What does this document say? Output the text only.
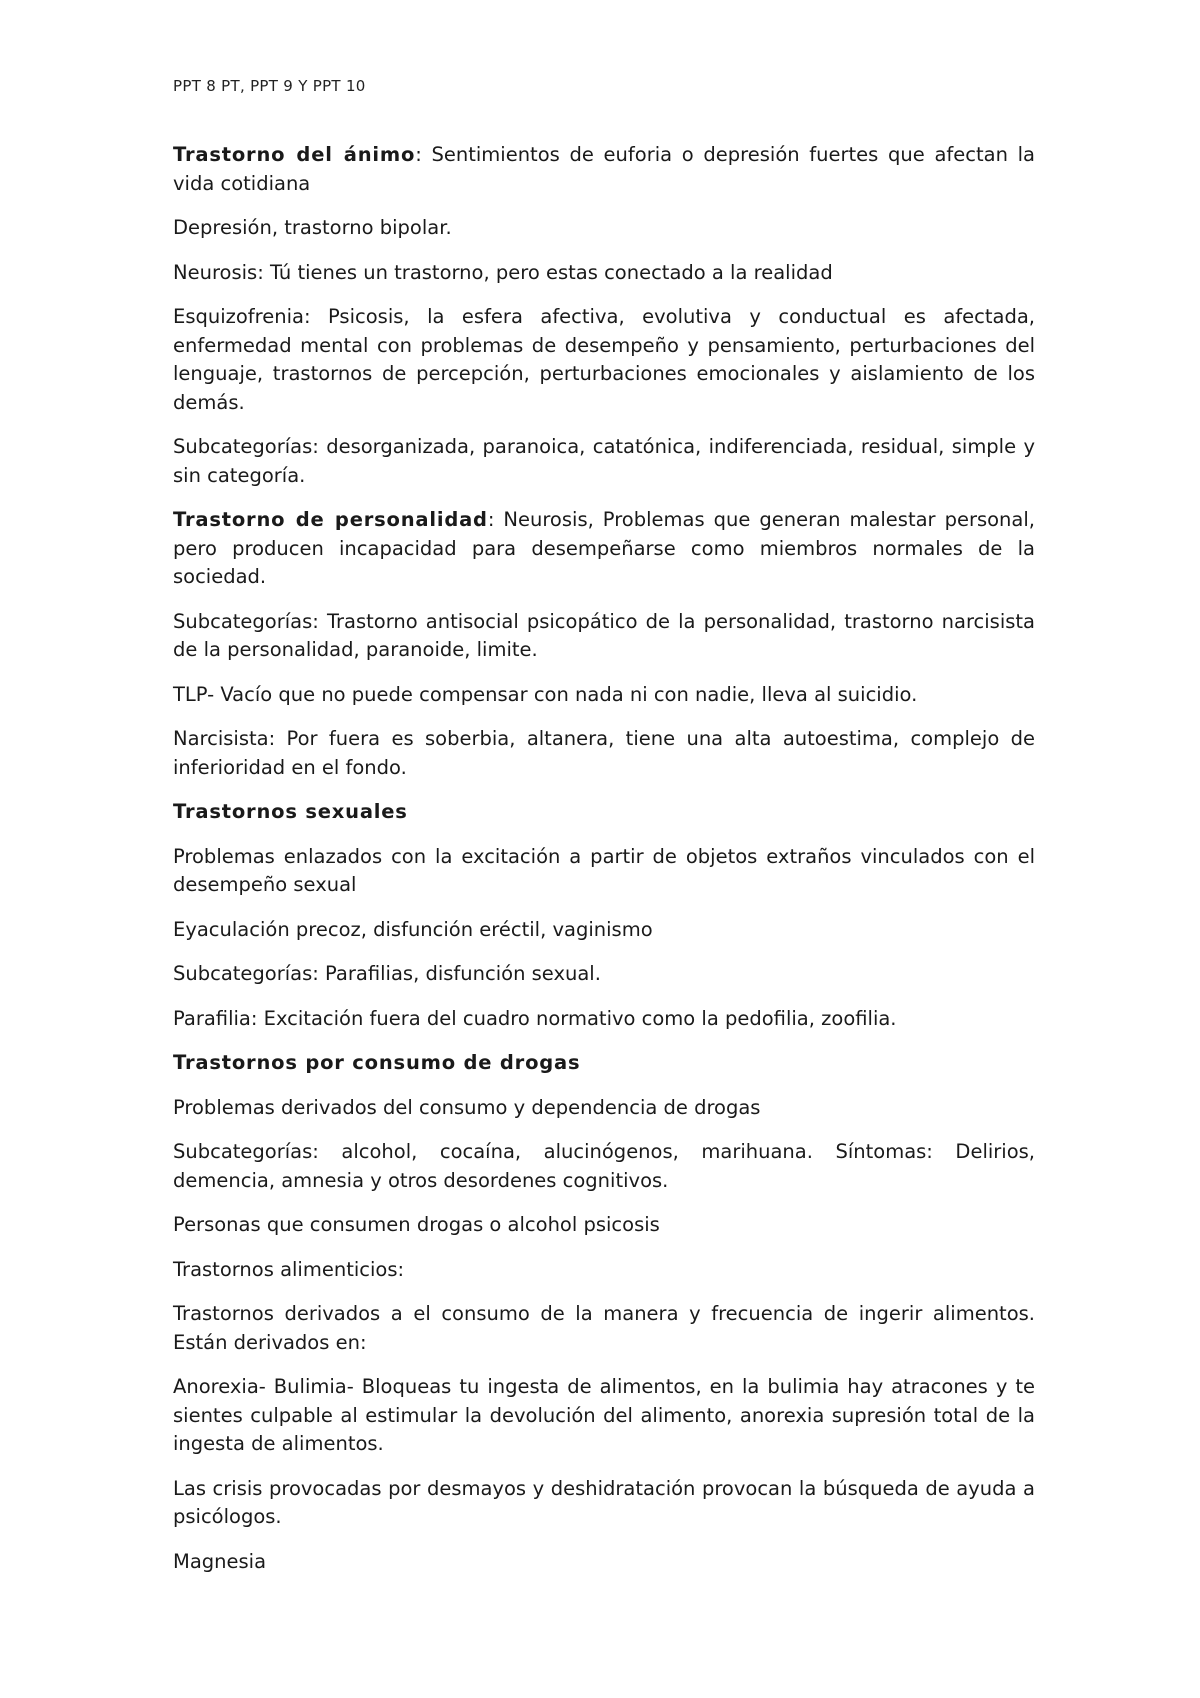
PPT 8 PT, PPT 9 Y PPT 10

Trastorno del ánimo: Sentimientos de euforia o depresión fuertes que afectan la vida cotidiana

Depresión, trastorno bipolar.

Neurosis: Tú tienes un trastorno, pero estas conectado a la realidad

Esquizofrenia: Psicosis, la esfera afectiva, evolutiva y conductual es afectada, enfermedad mental con problemas de desempeño y pensamiento, perturbaciones del lenguaje, trastornos de percepción, perturbaciones emocionales y aislamiento de los demás.

Subcategorías: desorganizada, paranoica, catatónica, indiferenciada, residual, simple y sin categoría.

Trastorno de personalidad: Neurosis, Problemas que generan malestar personal, pero producen incapacidad para desempeñarse como miembros normales de la sociedad.

Subcategorías: Trastorno antisocial psicopático de la personalidad, trastorno narcisista de la personalidad, paranoide, limite.

TLP- Vacío que no puede compensar con nada ni con nadie, lleva al suicidio.

Narcisista: Por fuera es soberbia, altanera, tiene una alta autoestima, complejo de inferioridad en el fondo.

Trastornos sexuales

Problemas enlazados con la excitación a partir de objetos extraños vinculados con el desempeño sexual

Eyaculación precoz, disfunción eréctil, vaginismo

Subcategorías: Parafilias, disfunción sexual.

Parafilia: Excitación fuera del cuadro normativo como la pedofilia, zoofilia.

Trastornos por consumo de drogas

Problemas derivados del consumo y dependencia de drogas

Subcategorías: alcohol, cocaína, alucinógenos, marihuana. Síntomas: Delirios, demencia, amnesia y otros desordenes cognitivos.

Personas que consumen drogas o alcohol psicosis

Trastornos alimenticios:

Trastornos derivados a el consumo de la manera y frecuencia de ingerir alimentos. Están derivados en:

Anorexia- Bulimia- Bloqueas tu ingesta de alimentos, en la bulimia hay atracones y te sientes culpable al estimular la devolución del alimento, anorexia supresión total de la ingesta de alimentos.

Las crisis provocadas por desmayos y deshidratación provocan la búsqueda de ayuda a psicólogos.

Magnesia
